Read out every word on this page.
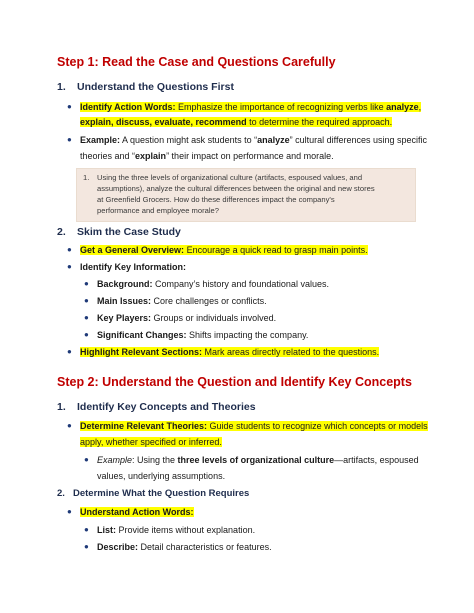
Step 1: Read the Case and Questions Carefully
1. Understand the Questions First
● Identify Action Words: Emphasize the importance of recognizing verbs like analyze,
explain, discuss, evaluate, recommend to determine the required approach.
● Example: A question might ask students to “analyze” cultural differences using specific
theories and “explain” their impact on performance and morale.
1. Using the three levels of organizational culture (artifacts, espoused values, and
assumptions), analyze the cultural differences between the original and new stores
at Greenfield Grocers. How do these differences impact the company's
performance and employee morale?
2. Skim the Case Study
● Get a General Overview: Encourage a quick read to grasp main points.
● Identify Key Information:
● Background: Company’s history and foundational values.
● Main Issues: Core challenges or conflicts.
● Key Players: Groups or individuals involved.
● Significant Changes: Shifts impacting the company.
● Highlight Relevant Sections: Mark areas directly related to the questions.
Step 2: Understand the Question and Identify Key Concepts
1. Identify Key Concepts and Theories
● Determine Relevant Theories: Guide students to recognize which concepts or models
apply, whether specified or inferred.
● Example: Using the three levels of organizational culture—artifacts, espoused
values, underlying assumptions.
2. Determine What the Question Requires
● Understand Action Words:
● List: Provide items without explanation.
● Describe: Detail characteristics or features.
